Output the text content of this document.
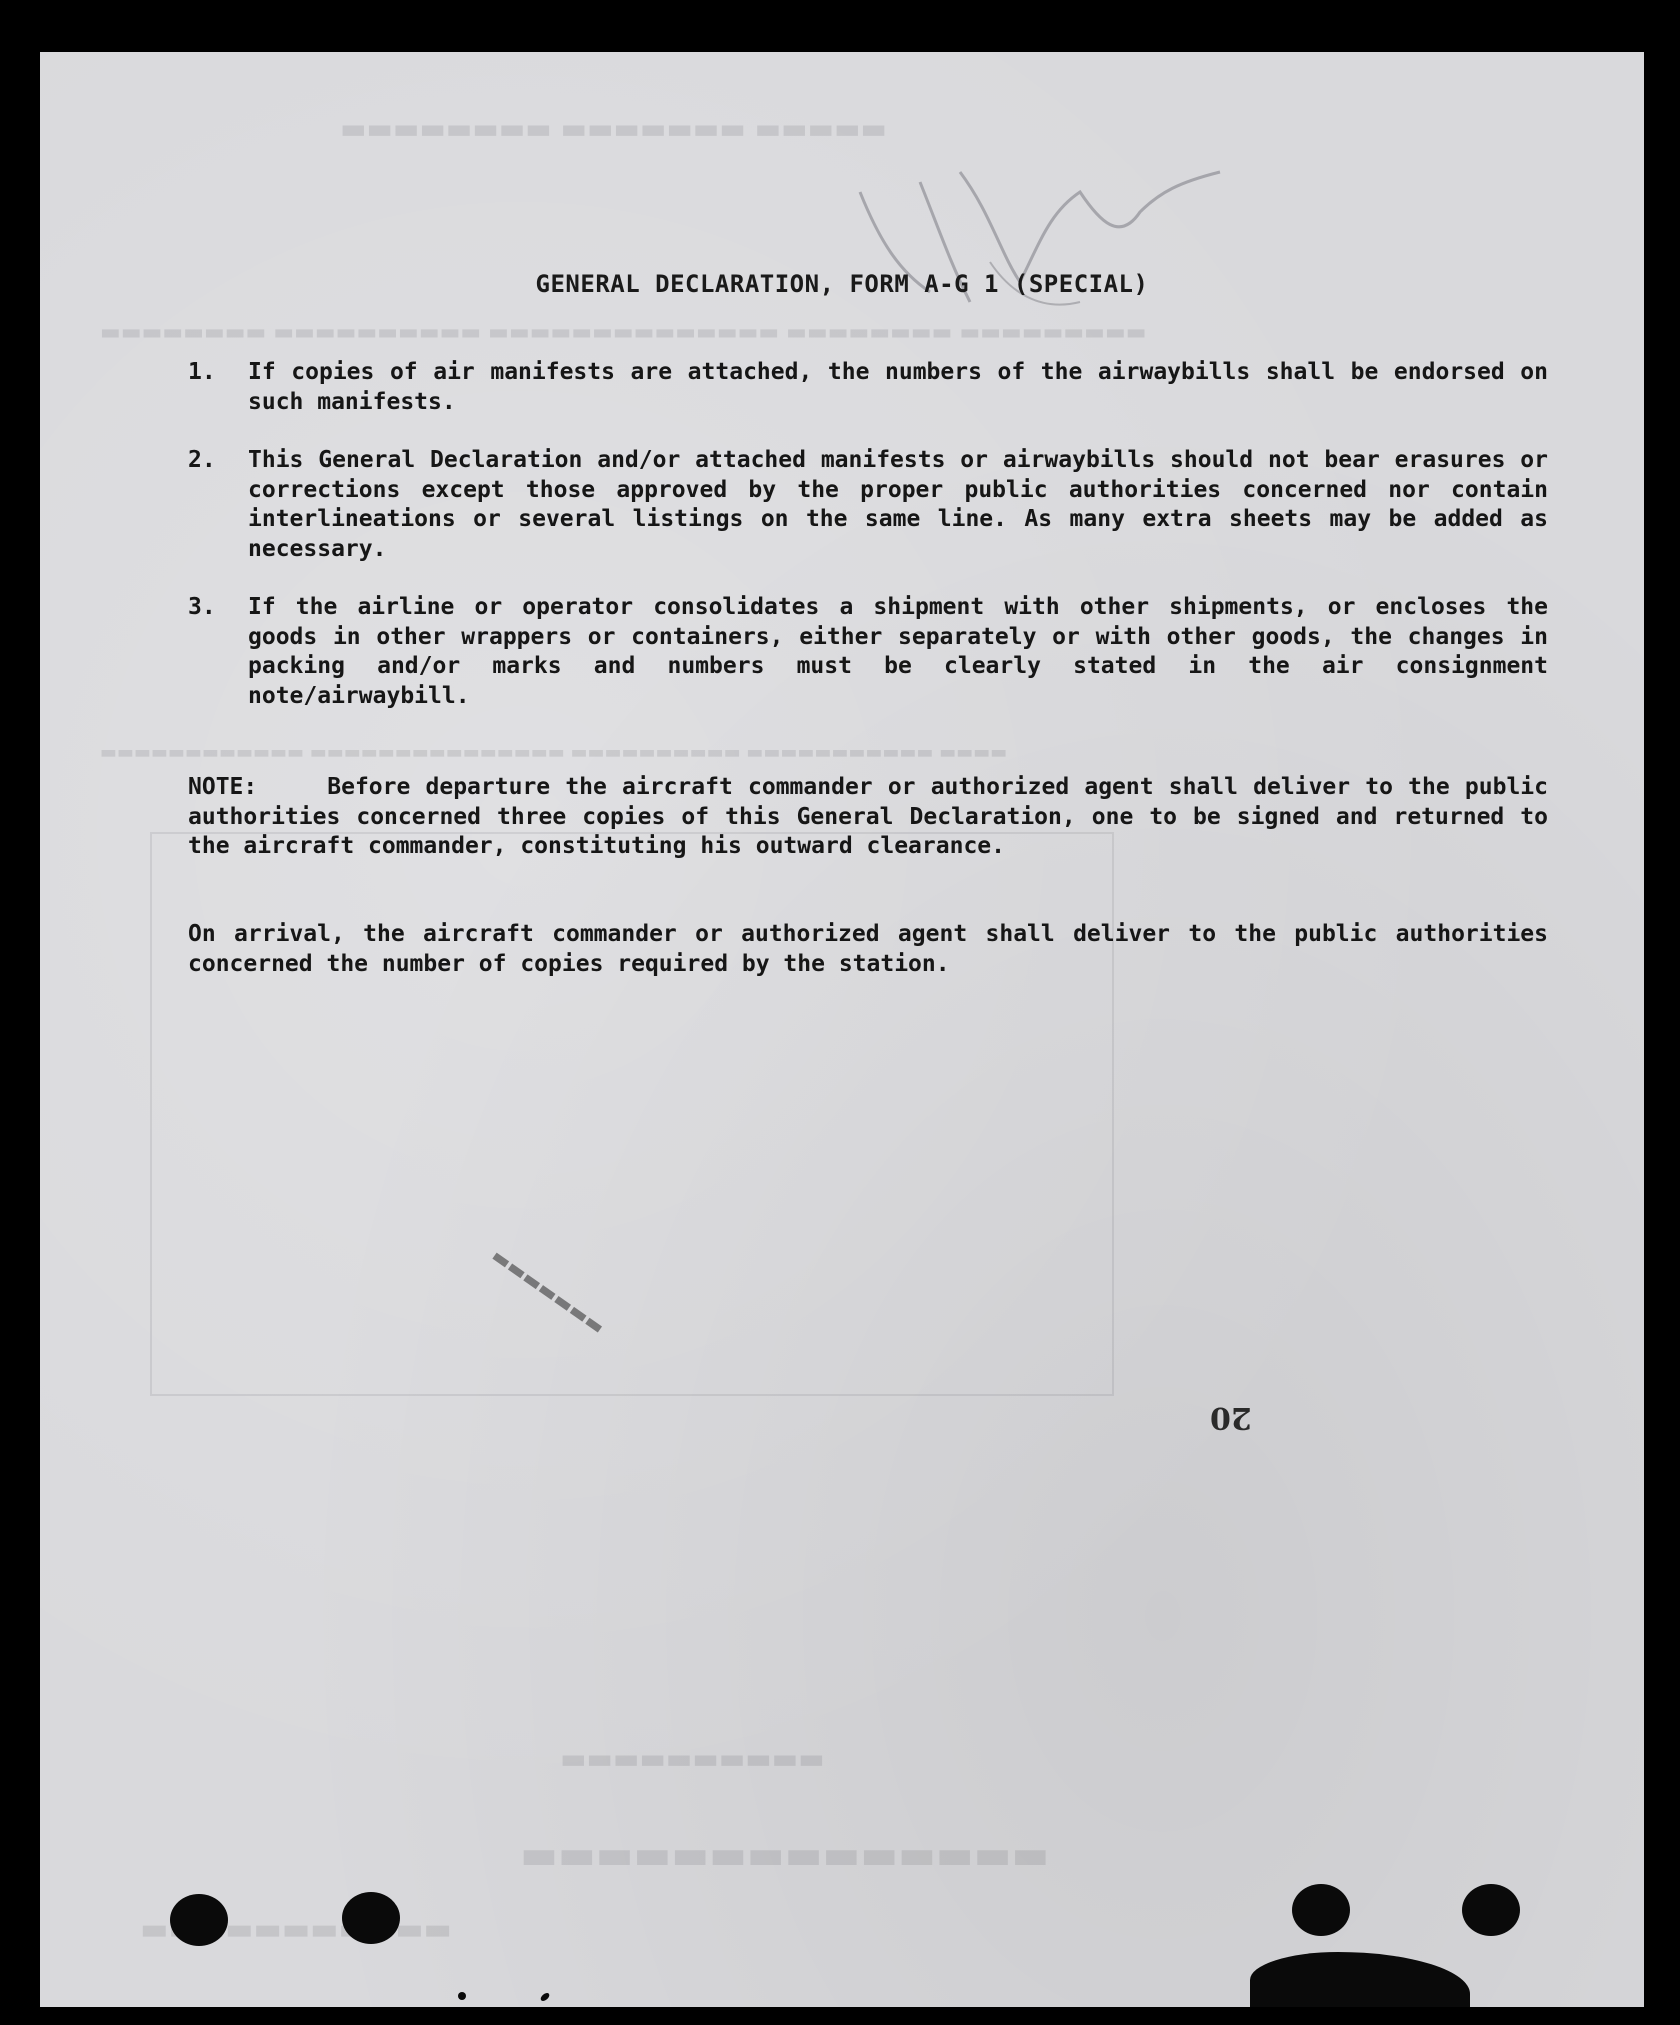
▬▬▬▬▬ ▬▬▬▬▬▬▬ ▬▬▬▬▬▬▬▬
▬▬▬▬▬▬▬▬▬ ▬▬▬▬▬▬▬▬ ▬▬▬▬▬▬▬▬▬▬▬▬▬▬ ▬▬▬▬▬▬▬▬▬▬ ▬▬▬▬▬▬▬▬
▬▬▬▬ ▬▬▬▬▬▬▬▬▬▬▬ ▬▬▬▬▬▬▬▬▬▬ ▬▬▬▬▬▬▬▬▬▬▬▬▬▬▬ ▬▬▬▬▬▬▬▬▬▬▬▬
▬▬▬▬▬▬▬▬▬▬▬▬▬▬
▬▬▬▬▬▬▬▬▬▬
▬▬▬▬▬▬▬▬▬▬▬
GENERAL DECLARATION, FORM A-G 1 (SPECIAL)
1.	If copies of air manifests are attached, the numbers of the airwaybills shall be endorsed on such manifests.
2.	This General Declaration and/or attached manifests or airwaybills should not bear erasures or corrections except those approved by the proper public authorities concerned nor contain interlineations or several listings on the same line. As many extra sheets may be added as necessary.
3.	If the airline or operator consolidates a shipment with other shipments, or encloses the goods in other wrappers or containers, either separately or with other goods, the changes in packing and/or marks and numbers must be clearly stated in the air consignment note/airwaybill.
NOTE:	Before departure the aircraft commander or authorized agent shall deliver to the public authorities concerned three copies of this General Declaration, one to be signed and returned to the aircraft commander, constituting his outward clearance.
On arrival, the aircraft commander or authorized agent shall deliver to the public authorities concerned the number of copies required by the station.
▬▬▬▬▬▬▬
20
